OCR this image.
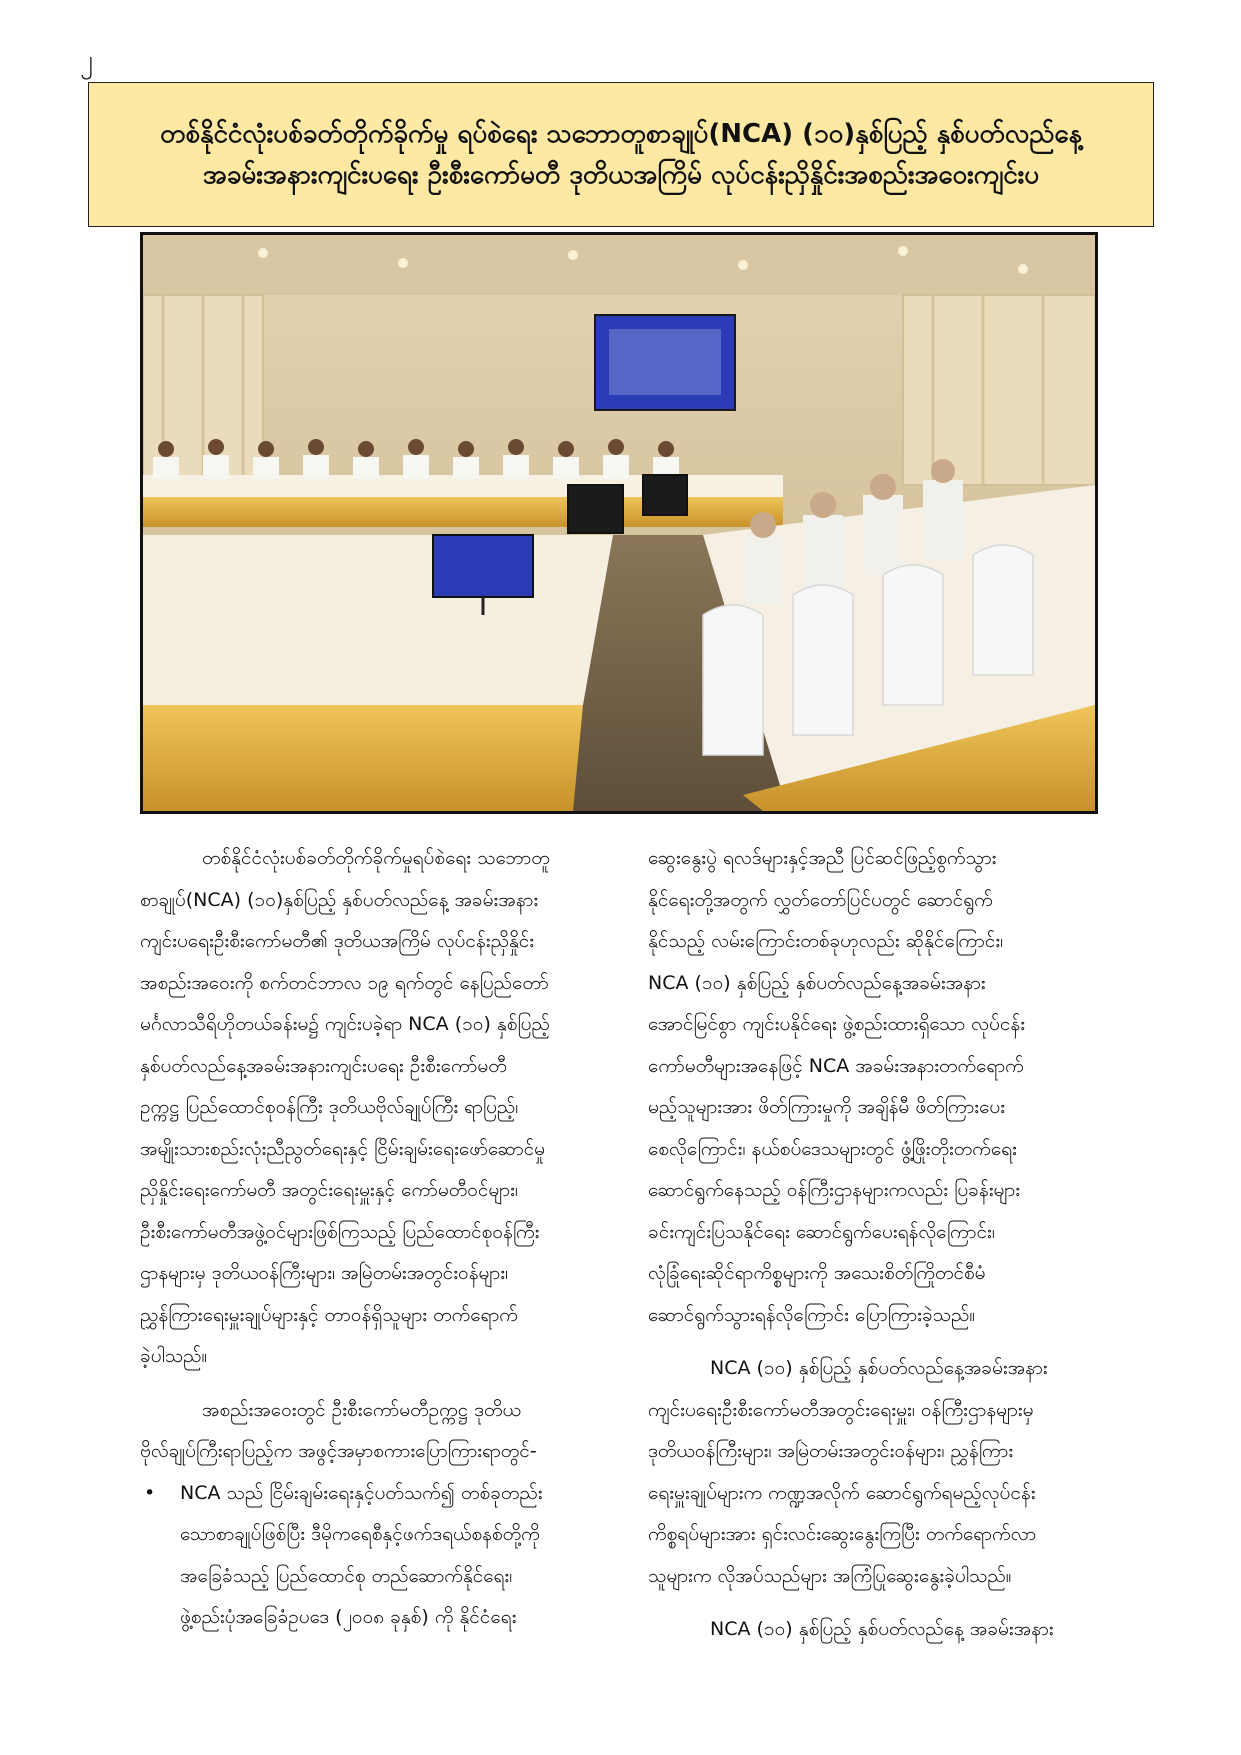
၂
တစ်နိုင်ငံလုံးပစ်ခတ်တိုက်ခိုက်မှု ရပ်စဲရေး သဘောတူစာချုပ်(NCA) (၁၀)နှစ်ပြည့် နှစ်ပတ်လည်နေ့
အခမ်းအနားကျင်းပရေး ဦးစီးကော်မတီ ဒုတိယအကြိမ် လုပ်ငန်းညှိနှိုင်းအစည်းအဝေးကျင်းပ

တစ်နိုင်ငံလုံးပစ်ခတ်တိုက်ခိုက်မှုရပ်စဲရေး သဘောတူ

စာချုပ်(NCA) (၁၀)နှစ်ပြည့် နှစ်ပတ်လည်နေ့ အခမ်းအနား

ကျင်းပရေးဦးစီးကော်မတီ၏ ဒုတိယအကြိမ် လုပ်ငန်းညှိနှိုင်း

အစည်းအဝေးကို စက်တင်ဘာလ ၁၉ ရက်တွင် နေပြည်တော်

မင်္ဂလာသီရိဟိုတယ်ခန်းမ၌ ကျင်းပခဲ့ရာ NCA (၁၀) နှစ်ပြည့်

နှစ်ပတ်လည်နေ့အခမ်းအနားကျင်းပရေး ဦးစီးကော်မတီ

ဥက္ကဋ္ဌ ပြည်ထောင်စုဝန်ကြီး ဒုတိယဗိုလ်ချုပ်ကြီး ရာပြည့်၊

အမျိုးသားစည်းလုံးညီညွတ်ရေးနှင့် ငြိမ်းချမ်းရေးဖော်ဆောင်မှု

ညှိနှိုင်းရေးကော်မတီ အတွင်းရေးမှူးနှင့် ကော်မတီဝင်များ၊

ဦးစီးကော်မတီအဖွဲ့ဝင်များဖြစ်ကြသည့် ပြည်ထောင်စုဝန်ကြီး

ဌာနများမှ ဒုတိယဝန်ကြီးများ၊ အမြဲတမ်းအတွင်းဝန်များ၊

ညွှန်ကြားရေးမှူးချုပ်များနှင့် တာဝန်ရှိသူများ တက်ရောက်

ခဲ့ပါသည်။

အစည်းအဝေးတွင် ဦးစီးကော်မတီဥက္ကဋ္ဌ ဒုတိယ

ဗိုလ်ချုပ်ကြီးရာပြည့်က အဖွင့်အမှာစကားပြောကြားရာတွင်-

• NCA သည် ငြိမ်းချမ်းရေးနှင့်ပတ်သက်၍ တစ်ခုတည်း

သောစာချုပ်ဖြစ်ပြီး ဒီမိုကရေစီနှင့်ဖက်ဒရယ်စနစ်တို့ကို

အခြေခံသည့် ပြည်ထောင်စု တည်ဆောက်နိုင်ရေး၊

ဖွဲ့စည်းပုံအခြေခံဥပဒေ (၂၀၀၈ ခုနှစ်) ကို နိုင်ငံရေး

ဆွေးနွေးပွဲ ရလဒ်များနှင့်အညီ ပြင်ဆင်ဖြည့်စွက်သွား

နိုင်ရေးတို့အတွက် လွှတ်တော်ပြင်ပတွင် ဆောင်ရွက်

နိုင်သည့် လမ်းကြောင်းတစ်ခုဟုလည်း ဆိုနိုင်ကြောင်း၊

NCA (၁၀) နှစ်ပြည့် နှစ်ပတ်လည်နေ့အခမ်းအနား

အောင်မြင်စွာ ကျင်းပနိုင်ရေး ဖွဲ့စည်းထားရှိသော လုပ်ငန်း

ကော်မတီများအနေဖြင့် NCA အခမ်းအနားတက်ရောက်

မည့်သူများအား ဖိတ်ကြားမှုကို အချိန်မီ ဖိတ်ကြားပေး

စေလိုကြောင်း၊ နယ်စပ်ဒေသများတွင် ဖွံ့ဖြိုးတိုးတက်ရေး

ဆောင်ရွက်နေသည့် ဝန်ကြီးဌာနများကလည်း ပြခန်းများ

ခင်းကျင်းပြသနိုင်ရေး ဆောင်ရွက်ပေးရန်လိုကြောင်း၊

လုံခြုံရေးဆိုင်ရာကိစ္စများကို အသေးစိတ်ကြိုတင်စီမံ

ဆောင်ရွက်သွားရန်လိုကြောင်း ပြောကြားခဲ့သည်။

NCA (၁၀) နှစ်ပြည့် နှစ်ပတ်လည်နေ့အခမ်းအနား

ကျင်းပရေးဦးစီးကော်မတီအတွင်းရေးမှူး၊ ဝန်ကြီးဌာနများမှ

ဒုတိယဝန်ကြီးများ၊ အမြဲတမ်းအတွင်းဝန်များ၊ ညွှန်ကြား

ရေးမှူးချုပ်များက ကဏ္ဍအလိုက် ဆောင်ရွက်ရမည့်လုပ်ငန်း

ကိစ္စရပ်များအား ရှင်းလင်းဆွေးနွေးကြပြီး တက်ရောက်လာ

သူများက လိုအပ်သည်များ အကြံပြုဆွေးနွေးခဲ့ပါသည်။

NCA (၁၀) နှစ်ပြည့် နှစ်ပတ်လည်နေ့ အခမ်းအနား
